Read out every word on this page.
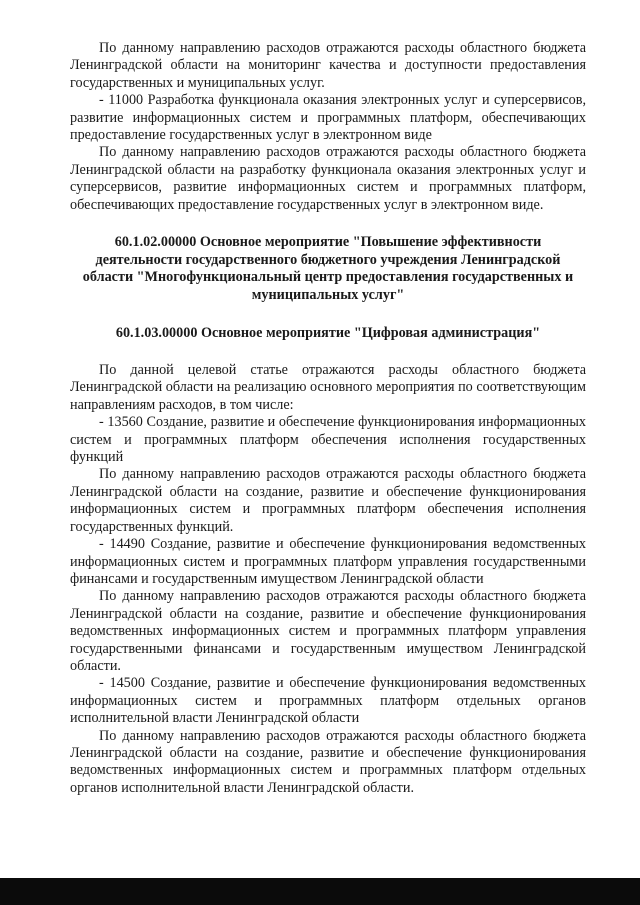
По данному направлению расходов отражаются расходы областного бюджета Ленинградской области на мониторинг качества и доступности предоставления государственных и муниципальных услуг.

- 11000 Разработка функционала оказания электронных услуг и суперсервисов, развитие информационных систем и программных платформ, обеспечивающих предоставление государственных услуг в электронном виде

По данному направлению расходов отражаются расходы областного бюджета Ленинградской области на разработку функционала оказания электронных услуг и суперсервисов, развитие информационных систем и программных платформ, обеспечивающих предоставление государственных услуг в электронном виде.

60.1.02.00000 Основное мероприятие "Повышение эффективности деятельности государственного бюджетного учреждения Ленинградской области "Многофункциональный центр предоставления государственных и муниципальных услуг"

60.1.03.00000 Основное мероприятие "Цифровая администрация"

По данной целевой статье отражаются расходы областного бюджета Ленинградской области на реализацию основного мероприятия по соответствующим направлениям расходов, в том числе:

- 13560 Создание, развитие и обеспечение функционирования информационных систем и программных платформ обеспечения исполнения государственных функций

По данному направлению расходов отражаются расходы областного бюджета Ленинградской области на создание, развитие и обеспечение функционирования информационных систем и программных платформ обеспечения исполнения государственных функций.

- 14490 Создание, развитие и обеспечение функционирования ведомственных информационных систем и программных платформ управления государственными финансами и государственным имуществом Ленинградской области

По данному направлению расходов отражаются расходы областного бюджета Ленинградской области на создание, развитие и обеспечение функционирования ведомственных информационных систем и программных платформ управления государственными финансами и государственным имуществом Ленинградской области.

- 14500 Создание, развитие и обеспечение функционирования ведомственных информационных систем и программных платформ отдельных органов исполнительной власти Ленинградской области

По данному направлению расходов отражаются расходы областного бюджета Ленинградской области на создание, развитие и обеспечение функционирования ведомственных информационных систем и программных платформ отдельных органов исполнительной власти Ленинградской области.
